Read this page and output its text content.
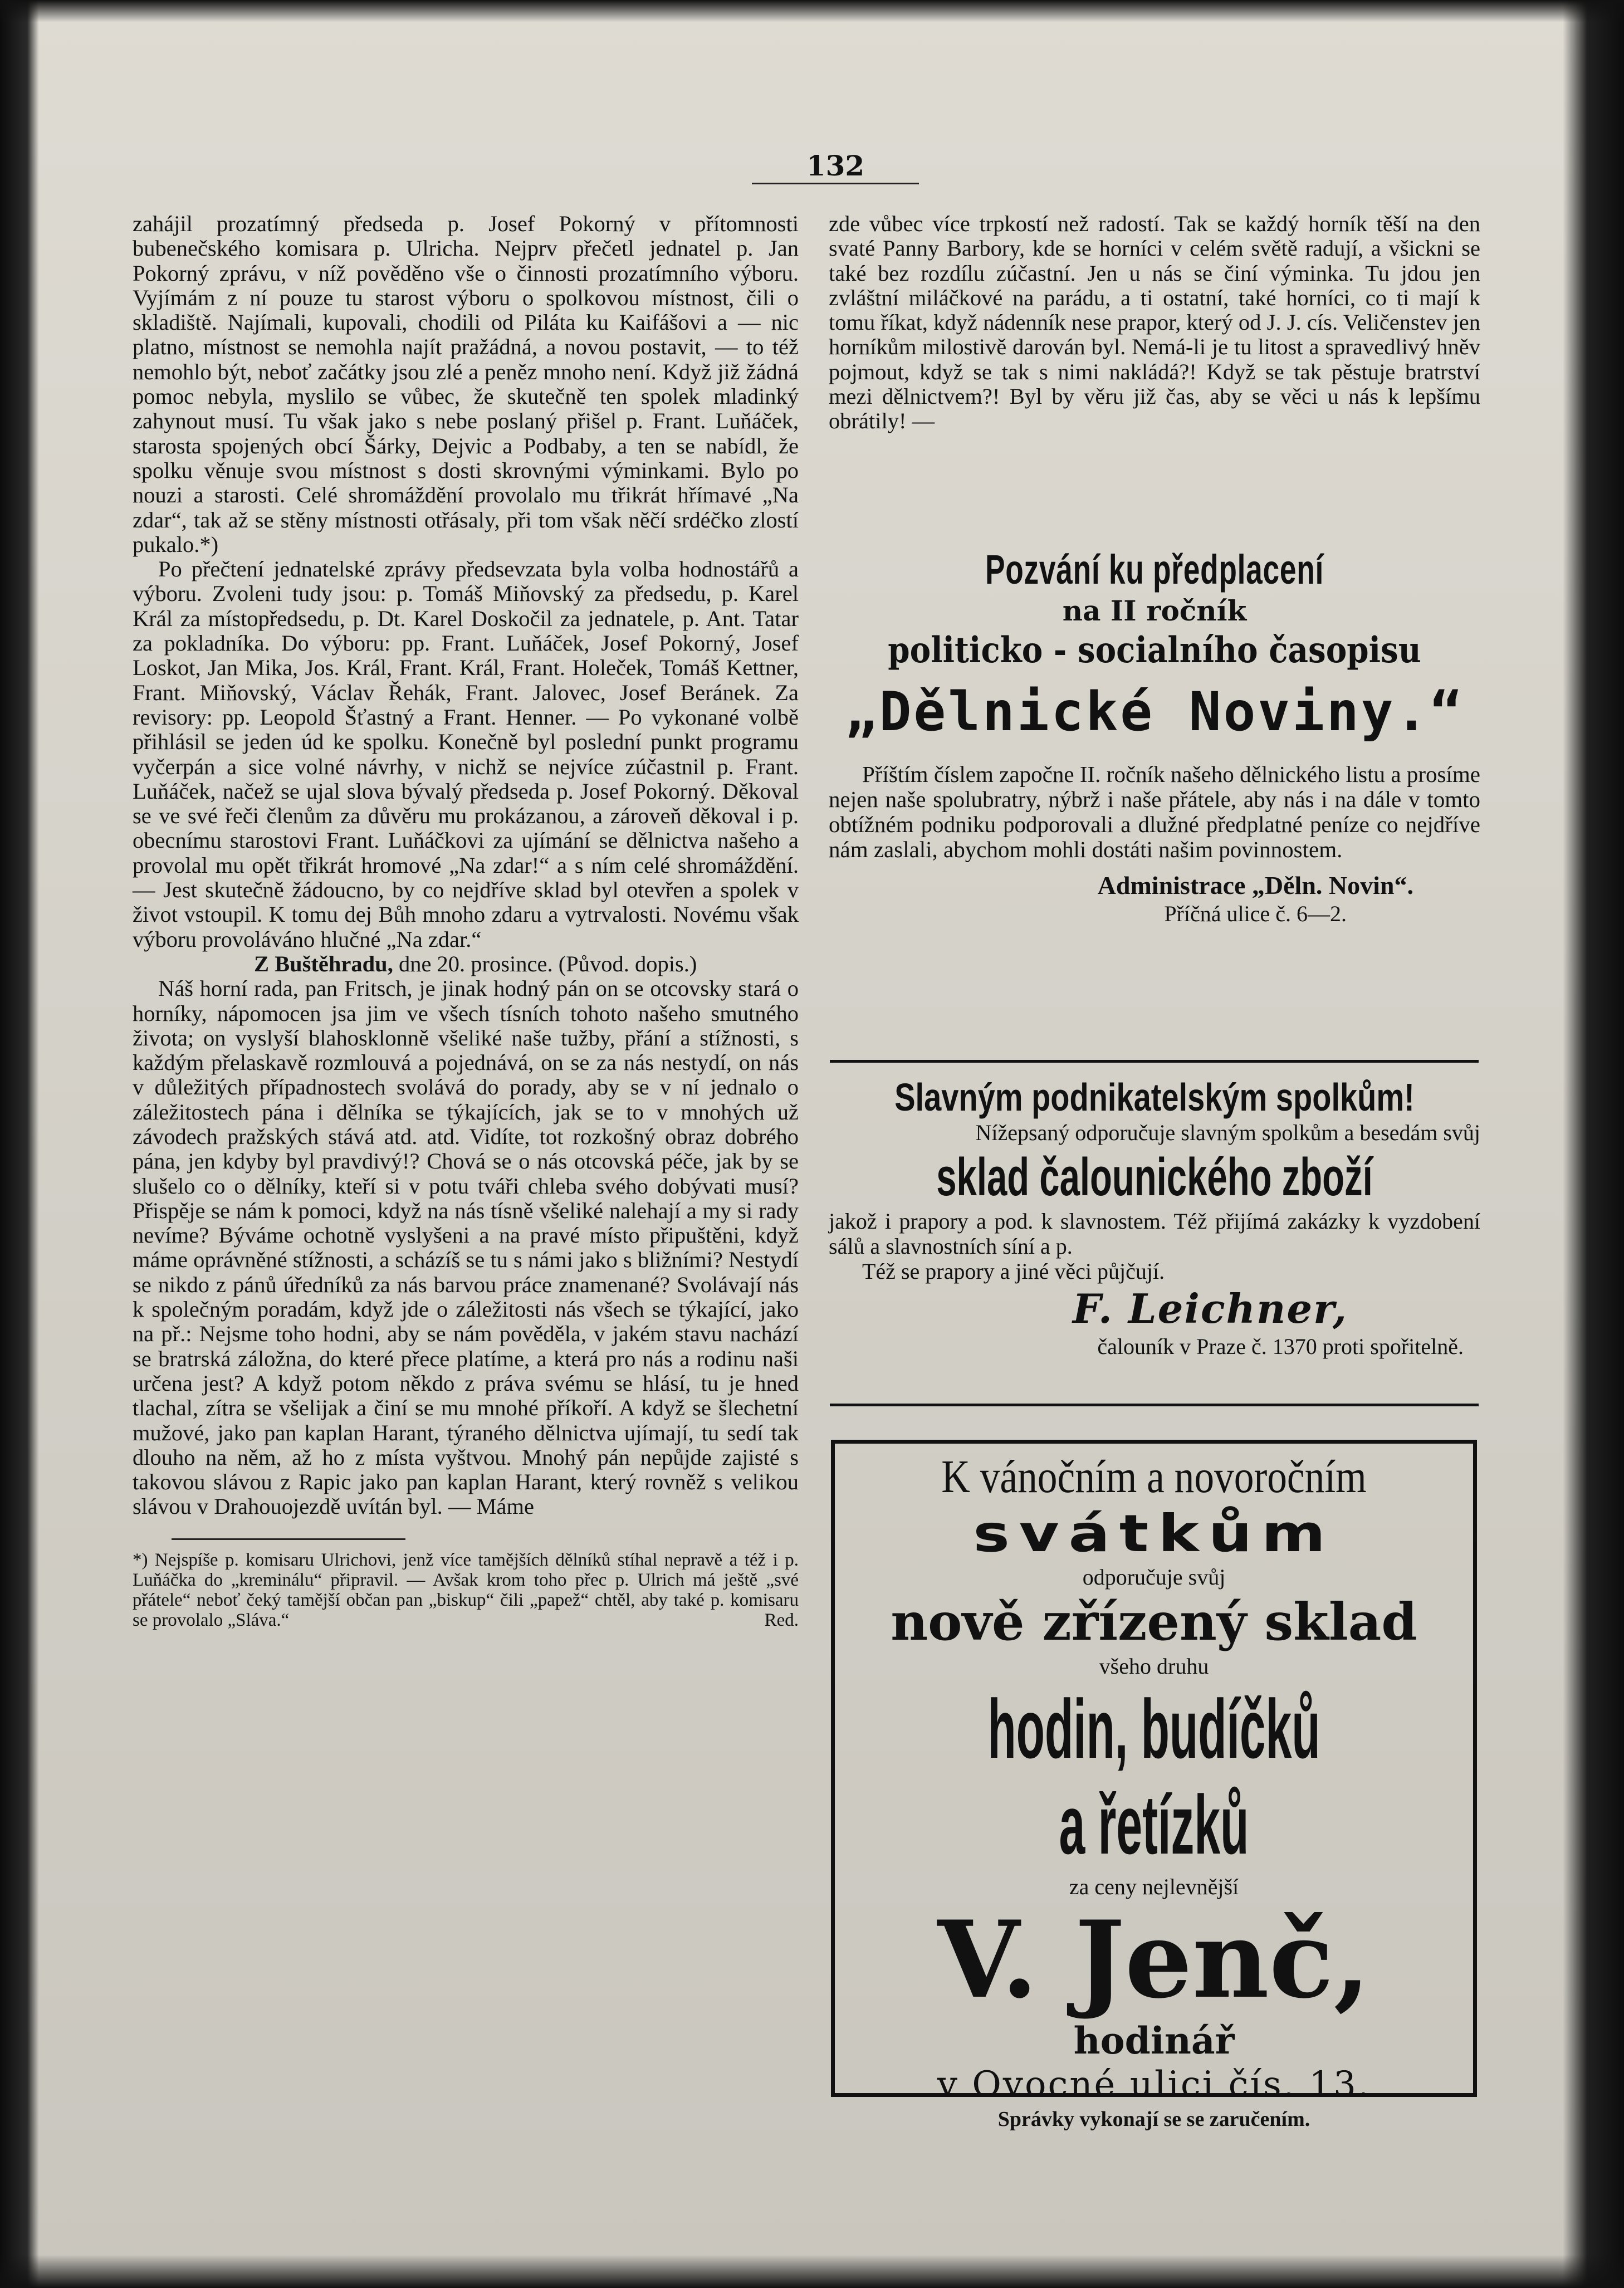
132

zahájil prozatímný předseda p. Josef Pokorný v přítomnosti bubenečského komisara p. Ulricha. Nejprv přečetl jednatel p. Jan Pokorný zprávu, v níž pověděno vše o činnosti prozatímního výboru. Vyjímám z ní pouze tu starost výboru o spolkovou místnost, čili o skladiště. Najímali, kupovali, chodili od Piláta ku Kaifášovi a — nic platno, místnost se nemohla najít pražádná, a novou postavit, — to též nemohlo být, neboť začátky jsou zlé a peněz mnoho není. Když již žádná pomoc nebyla, myslilo se vůbec, že skutečně ten spolek mladinký zahynout musí. Tu však jako s nebe poslaný přišel p. Frant. Luňáček, starosta spojených obcí Šárky, Dejvic a Podbaby, a ten se nabídl, že spolku věnuje svou místnost s dosti skrovnými výminkami. Bylo po nouzi a starosti. Celé shromáždění provolalo mu třikrát hřímavé „Na zdar“, tak až se stěny místnosti otřásaly, při tom však něčí srdéčko zlostí pukalo.*)

Po přečtení jednatelské zprávy předsevzata byla volba hodnostářů a výboru. Zvoleni tudy jsou: p. Tomáš Miňovský za předsedu, p. Karel Král za místopředsedu, p. Dt. Karel Doskočil za jednatele, p. Ant. Tatar za pokladníka. Do výboru: pp. Frant. Luňáček, Josef Pokorný, Josef Loskot, Jan Mika, Jos. Král, Frant. Král, Frant. Holeček, Tomáš Kettner, Frant. Miňovský, Václav Řehák, Frant. Jalovec, Josef Beránek. Za revisory: pp. Leopold Šťastný a Frant. Henner. — Po vykonané volbě přihlásil se jeden úd ke spolku. Konečně byl poslední punkt programu vyčerpán a sice volné návrhy, v nichž se nejvíce zúčastnil p. Frant. Luňáček, načež se ujal slova bývalý předseda p. Josef Pokorný. Děkoval se ve své řeči členům za důvěru mu prokázanou, a zároveň děkoval i p. obecnímu starostovi Frant. Luňáčkovi za ujímání se dělnictva našeho a provolal mu opět třikrát hromové „Na zdar!“ a s ním celé shromáždění. — Jest skutečně žádoucno, by co nejdříve sklad byl otevřen a spolek v život vstoupil. K tomu dej Bůh mnoho zdaru a vytrvalosti. Novému však výboru provoláváno hlučné „Na zdar.“

Z Buštěhradu, dne 20. prosince. (Původ. dopis.)

Náš horní rada, pan Fritsch, je jinak hodný pán on se otcovsky stará o horníky, nápomocen jsa jim ve všech tísních tohoto našeho smutného života; on vyslyší blahosklonně všeliké naše tužby, přání a stížnosti, s každým přelaskavě rozmlouvá a pojednává, on se za nás nestydí, on nás v důležitých případnostech svolává do porady, aby se v ní jednalo o záležitostech pána i dělníka se týkajících, jak se to v mnohých už závodech pražských stává atd. atd. Vidíte, tot rozkošný obraz dobrého pána, jen kdyby byl pravdivý!? Chová se o nás otcovská péče, jak by se slušelo co o dělníky, kteří si v potu tváři chleba svého dobývati musí? Přispěje se nám k pomoci, když na nás tísně všeliké nalehají a my si rady nevíme? Býváme ochotně vyslyšeni a na pravé místo připuštěni, když máme oprávněné stížnosti, a scházíš se tu s námi jako s bližními? Nestydí se nikdo z pánů úředníků za nás barvou práce znamenané? Svolávají nás k společným poradám, když jde o záležitosti nás všech se týkající, jako na př.: Nejsme toho hodni, aby se nám pověděla, v jakém stavu nachází se bratrská záložna, do které přece platíme, a která pro nás a rodinu naši určena jest? A když potom někdo z práva svému se hlásí, tu je hned tlachal, zítra se všelijak a činí se mu mnohé příkoří. A když se šlechetní mužové, jako pan kaplan Harant, týraného dělnictva ujímají, tu sedí tak dlouho na něm, až ho z místa vyštvou. Mnohý pán nepůjde zajisté s takovou slávou z Rapic jako pan kaplan Harant, který rovněž s velikou slávou v Drahouojezdě uvítán byl. — Máme

*) Nejspíše p. komisaru Ulrichovi, jenž více tamějších dělníků stíhal nepravě a též i p. Luňáčka do „kreminálu“ připravil. — Avšak krom toho přec p. Ulrich má ještě „své přátele“ neboť čeký tamější občan pan „biskup“ čili „papež“ chtěl, aby také p. komisaru se provolalo „Sláva.“	Red.

zde vůbec více trpkostí než radostí. Tak se každý horník těší na den svaté Panny Barbory, kde se horníci v celém světě radují, a všickni se také bez rozdílu zúčastní. Jen u nás se činí výminka. Tu jdou jen zvláštní miláčkové na parádu, a ti ostatní, také horníci, co ti mají k tomu říkat, když nádenník nese prapor, který od J. J. cís. Veličenstev jen horníkům milostivě darován byl. Nemá-li je tu litost a spravedlivý hněv pojmout, když se tak s nimi nakládá?! Když se tak pěstuje bratrství mezi dělnictvem?! Byl by věru již čas, aby se věci u nás k lepšímu obrátily! —

Pozvání ku předplacení
na II ročník
politicko - socialního časopisu
„Dělnické Noviny.“
Příštím číslem započne II. ročník našeho dělnického listu a prosíme nejen naše spolubratry, nýbrž i naše přátele, aby nás i na dále v tomto obtížném podniku podporovali a dlužné předplatné peníze co nejdříve nám zaslali, abychom mohli dostáti našim povinnostem.
Administrace „Děln. Novin“.
Příčná ulice č. 6—2.
Slavným podnikatelským spolkům!
Nížepsaný odporučuje slavným spolkům a besedám svůj
sklad čalounického zboží
jakož i prapory a pod. k slavnostem. Též přijímá zakázky k vyzdobení sálů a slavnostních síní a p.
Též se prapory a jiné věci půjčují.
F. Leichner,
čalouník v Praze č. 1370 proti spořitelně.
K vánočním a novoročním
svátkům
odporučuje svůj
nově zřízený sklad
všeho druhu
hodin, budíčků a řetízků
za ceny nejlevnější
V. Jenč,
hodinář
v Ovocné ulici čís. 13.
Správky vykonají se se zaručením.
